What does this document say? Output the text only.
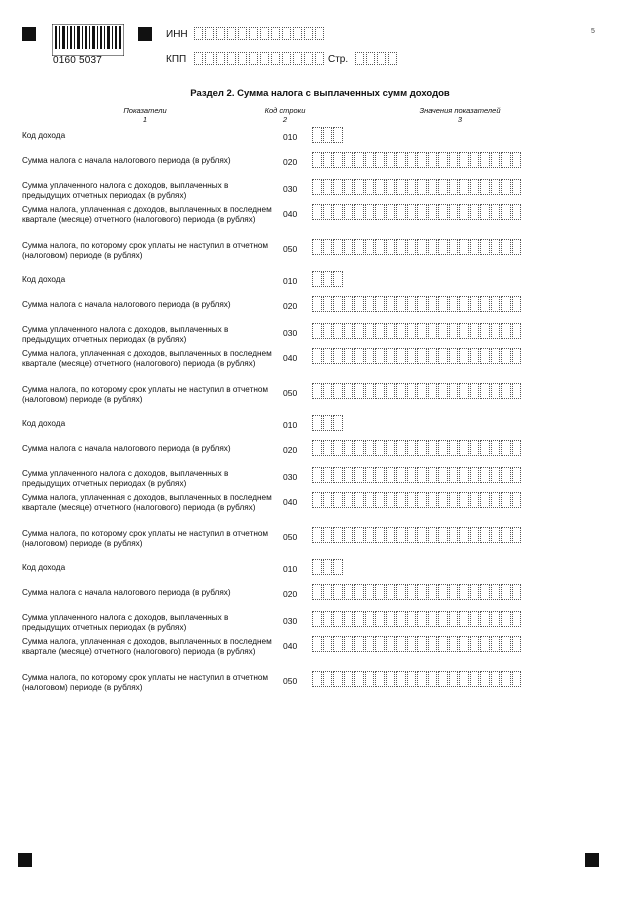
0160 5037
ИНН
КПП	Стр.
5
Раздел 2. Сумма налога с выплаченных сумм доходов
Показатели
1
Код строки
2
Значения показателей
3
Код дохода	010
Сумма налога с начала налогового периода (в рублях)	020
Сумма уплаченного налога с доходов, выплаченных в предыдущих отчетных периодах (в рублях)
030
Сумма налога, уплаченная с доходов, выплаченных в последнем квартале (месяце) отчетного (налогового) периода (в рублях)
040
Сумма налога, по которому срок уплаты не наступил в отчетном (налоговом) периоде (в рублях)
050
Код дохода	010
Сумма налога с начала налогового периода (в рублях)	020
Сумма уплаченного налога с доходов, выплаченных в предыдущих отчетных периодах (в рублях)
030
Сумма налога, уплаченная с доходов, выплаченных в последнем квартале (месяце) отчетного (налогового) периода (в рублях)
040
Сумма налога, по которому срок уплаты не наступил в отчетном (налоговом) периоде (в рублях)
050
Код дохода	010
Сумма налога с начала налогового периода (в рублях)	020
Сумма уплаченного налога с доходов, выплаченных в предыдущих отчетных периодах (в рублях)
030
Сумма налога, уплаченная с доходов, выплаченных в последнем квартале (месяце) отчетного (налогового) периода (в рублях)
040
Сумма налога, по которому срок уплаты не наступил в отчетном (налоговом) периоде (в рублях)
050
Код дохода	010
Сумма налога с начала налогового периода (в рублях)	020
Сумма уплаченного налога с доходов, выплаченных в предыдущих отчетных периодах (в рублях)
030
Сумма налога, уплаченная с доходов, выплаченных в последнем квартале (месяце) отчетного (налогового) периода (в рублях)
040
Сумма налога, по которому срок уплаты не наступил в отчетном (налоговом) периоде (в рублях)
050
